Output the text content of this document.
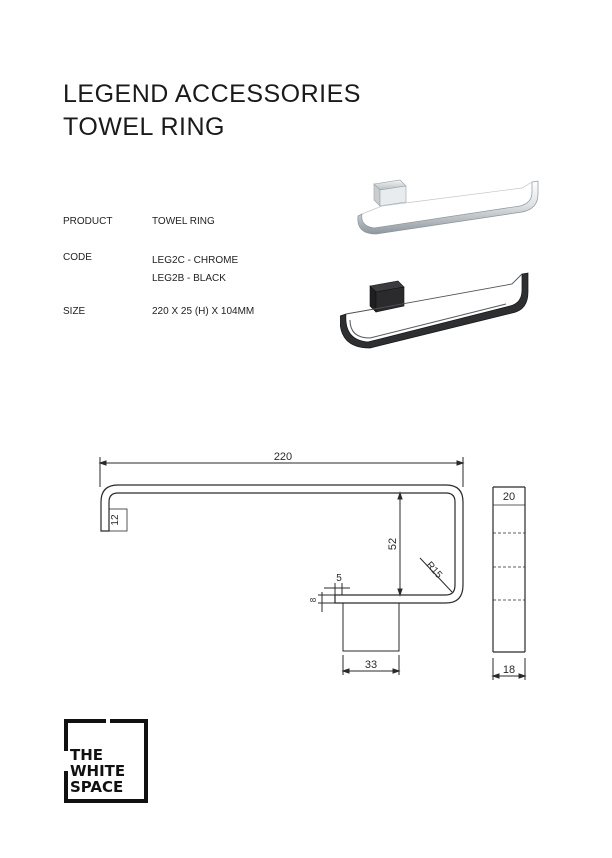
LEGEND ACCESSORIES
TOWEL RING
PRODUCT	TOWEL RING
CODE	LEG2C - CHROME
LEG2B - BLACK
SIZE	220 X 25 (H) X 104MM
220
12
52
R15
5
8
33
20
18
THE
WHITE
SPACE
